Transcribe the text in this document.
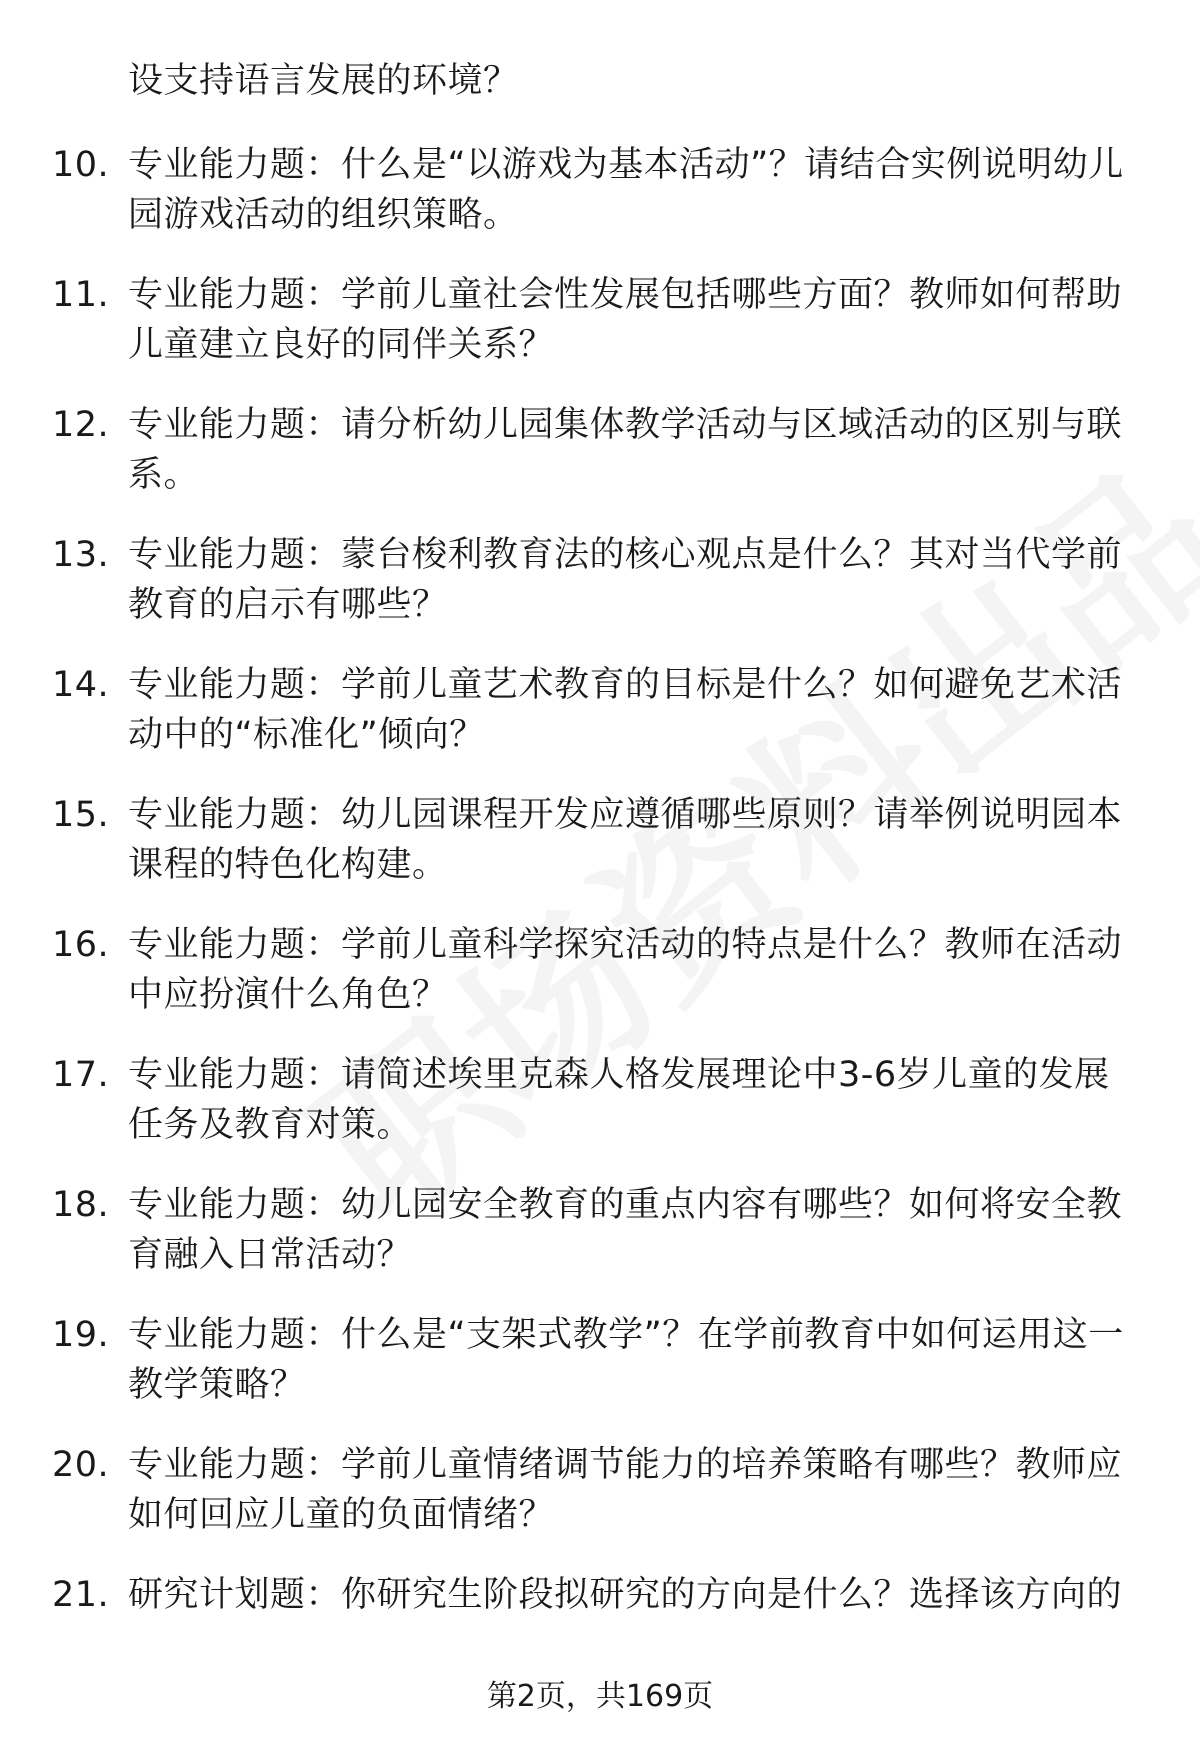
设支持语言发展的环境？
10. 专业能力题：什么是“以游戏为基本活动”？请结合实例说明幼儿园游戏活动的组织策略。
11. 专业能力题：学前儿童社会性发展包括哪些方面？教师如何帮助儿童建立良好的同伴关系？
12. 专业能力题：请分析幼儿园集体教学活动与区域活动的区别与联系。
13. 专业能力题：蒙台梭利教育法的核心观点是什么？其对当代学前教育的启示有哪些？
14. 专业能力题：学前儿童艺术教育的目标是什么？如何避免艺术活动中的“标准化”倾向？
15. 专业能力题：幼儿园课程开发应遵循哪些原则？请举例说明园本课程的特色化构建。
16. 专业能力题：学前儿童科学探究活动的特点是什么？教师在活动中应扮演什么角色？
17. 专业能力题：请简述埃里克森人格发展理论中3-6岁儿童的发展任务及教育对策。
18. 专业能力题：幼儿园安全教育的重点内容有哪些？如何将安全教育融入日常活动？
19. 专业能力题：什么是“支架式教学”？在学前教育中如何运用这一教学策略？
20. 专业能力题：学前儿童情绪调节能力的培养策略有哪些？教师应如何回应儿童的负面情绪？
21. 研究计划题：你研究生阶段拟研究的方向是什么？选择该方向的
第2页，共169页
